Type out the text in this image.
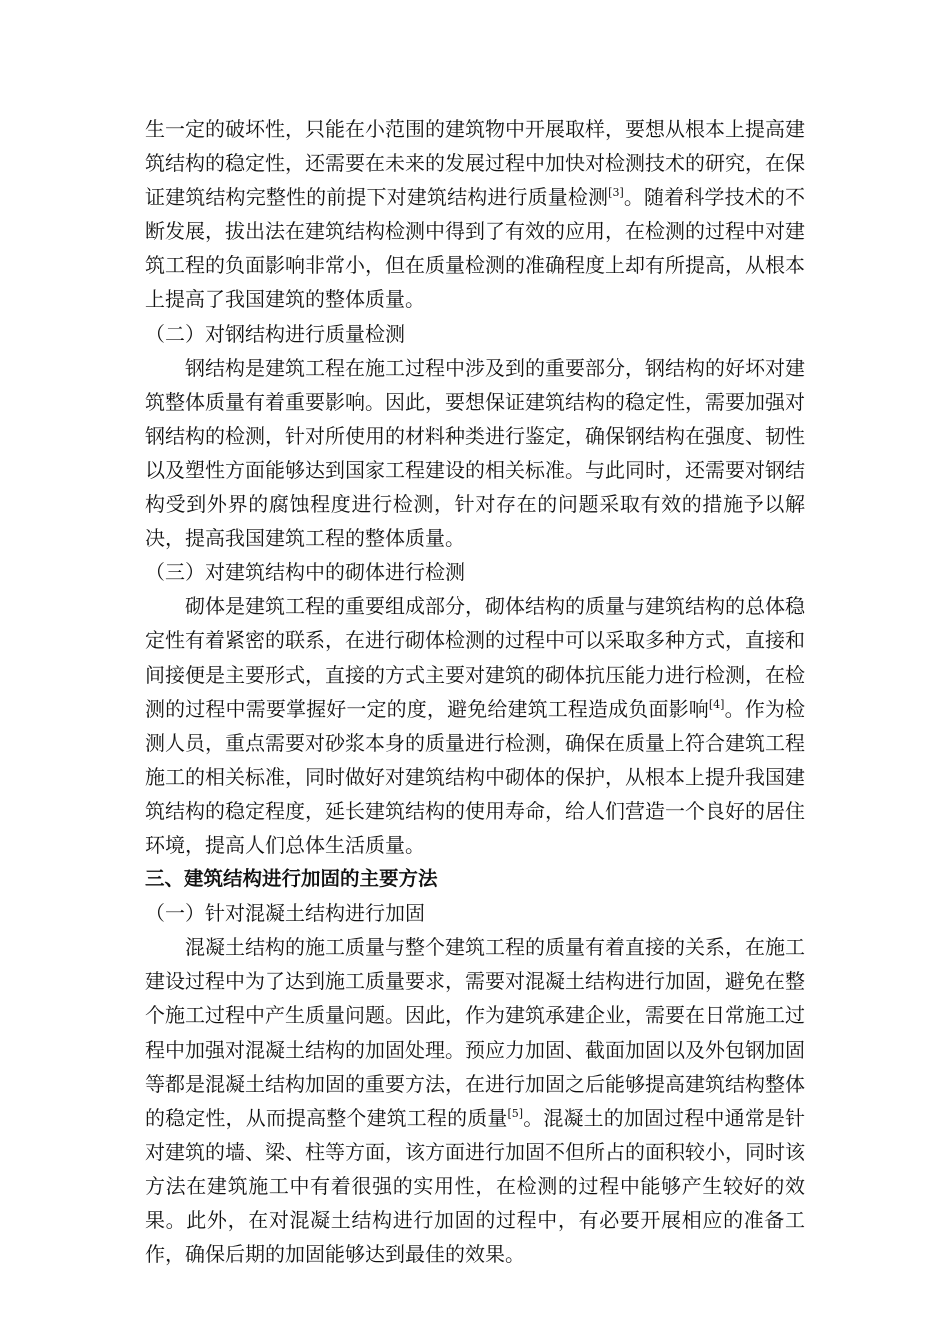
生一定的破坏性，只能在小范围的建筑物中开展取样，要想从根本上提高建筑结构的稳定性，还需要在未来的发展过程中加快对检测技术的研究，在保证建筑结构完整性的前提下对建筑结构进行质量检测[3]。随着科学技术的不断发展，拔出法在建筑结构检测中得到了有效的应用，在检测的过程中对建筑工程的负面影响非常小，但在质量检测的准确程度上却有所提高，从根本上提高了我国建筑的整体质量。

（二）对钢结构进行质量检测

钢结构是建筑工程在施工过程中涉及到的重要部分，钢结构的好坏对建筑整体质量有着重要影响。因此，要想保证建筑结构的稳定性，需要加强对钢结构的检测，针对所使用的材料种类进行鉴定，确保钢结构在强度、韧性以及塑性方面能够达到国家工程建设的相关标准。与此同时，还需要对钢结构受到外界的腐蚀程度进行检测，针对存在的问题采取有效的措施予以解决，提高我国建筑工程的整体质量。

（三）对建筑结构中的砌体进行检测

砌体是建筑工程的重要组成部分，砌体结构的质量与建筑结构的总体稳定性有着紧密的联系，在进行砌体检测的过程中可以采取多种方式，直接和间接便是主要形式，直接的方式主要对建筑的砌体抗压能力进行检测，在检测的过程中需要掌握好一定的度，避免给建筑工程造成负面影响[4]。作为检测人员，重点需要对砂浆本身的质量进行检测，确保在质量上符合建筑工程施工的相关标准，同时做好对建筑结构中砌体的保护，从根本上提升我国建筑结构的稳定程度，延长建筑结构的使用寿命，给人们营造一个良好的居住环境，提高人们总体生活质量。

三、建筑结构进行加固的主要方法

（一）针对混凝土结构进行加固

混凝土结构的施工质量与整个建筑工程的质量有着直接的关系，在施工建设过程中为了达到施工质量要求，需要对混凝土结构进行加固，避免在整个施工过程中产生质量问题。因此，作为建筑承建企业，需要在日常施工过程中加强对混凝土结构的加固处理。预应力加固、截面加固以及外包钢加固等都是混凝土结构加固的重要方法，在进行加固之后能够提高建筑结构整体的稳定性，从而提高整个建筑工程的质量[5]。混凝土的加固过程中通常是针对建筑的墙、梁、柱等方面，该方面进行加固不但所占的面积较小，同时该方法在建筑施工中有着很强的实用性，在检测的过程中能够产生较好的效果。此外，在对混凝土结构进行加固的过程中，有必要开展相应的准备工作，确保后期的加固能够达到最佳的效果。
